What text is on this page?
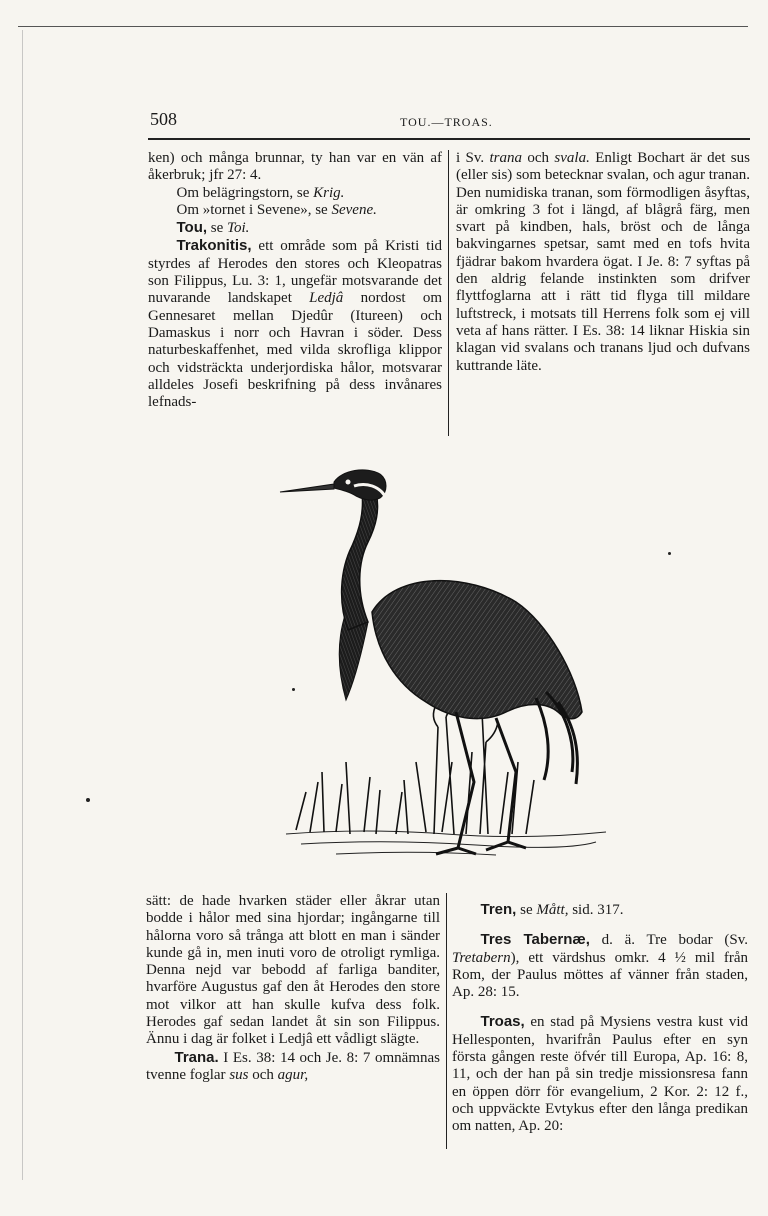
508	TOU.—TROAS.

ken) och många brunnar, ty han var en vän af åkerbruk; jfr 27: 4.

Om belägringstorn, se Krig.

Om »tornet i Sevene», se Sevene.

Tou, se Toi.

Trakonitis, ett område som på Kristi tid styrdes af Herodes den stores och Kleopatras son Filippus, Lu. 3: 1, ungefär motsvarande det nuvarande landskapet Ledjâ nordost om Gennesaret mellan Djedûr (Itureen) och Damaskus i norr och Havran i söder. Dess naturbeskaffenhet, med vilda skrofliga klippor och vidsträckta underjordiska hålor, motsvarar alldeles Josefi beskrifning på dess invånares lefnads-

i Sv. trana och svala. Enligt Bochart är det sus (eller sis) som betecknar svalan, och agur tranan. Den numidiska tranan, som förmodligen åsyftas, är omkring 3 fot i längd, af blågrå färg, men svart på kindben, hals, bröst och de långa bakvingarnes spetsar, samt med en tofs hvita fjädrar bakom hvardera ögat. I Je. 8: 7 syftas på den aldrig felande instinkten som drifver flyttfoglarna att i rätt tid flyga till mildare luftstreck, i motsats till Herrens folk som ej vill veta af hans rätter. I Es. 38: 14 liknar Hiskia sin klagan vid svalans och tranans ljud och dufvans kuttrande läte.

sätt: de hade hvarken städer eller åkrar utan bodde i hålor med sina hjordar; ingångarne till hålorna voro så trånga att blott en man i sänder kunde gå in, men inuti voro de otroligt rymliga. Denna nejd var bebodd af farliga banditer, hvarföre Augustus gaf den åt Herodes den store mot vilkor att han skulle kufva dess folk. Herodes gaf sedan landet åt sin son Filippus. Ännu i dag är folket i Ledjâ ett vådligt slägte.

Trana. I Es. 38: 14 och Je. 8: 7 omnämnas tvenne foglar sus och agur,

Tren, se Mått, sid. 317.

Tres Tabernæ, d. ä. Tre bodar (Sv. Tretabern), ett värdshus omkr. 4 ½ mil från Rom, der Paulus möttes af vänner från staden, Ap. 28: 15.

Troas, en stad på Mysiens vestra kust vid Hellesponten, hvarifrån Paulus efter en syn första gången reste öfvér till Europa, Ap. 16: 8, 11, och der han på sin tredje missionsresa fann en öppen dörr för evangelium, 2 Kor. 2: 12 f., och uppväckte Evtykus efter den långa predikan om natten, Ap. 20:
